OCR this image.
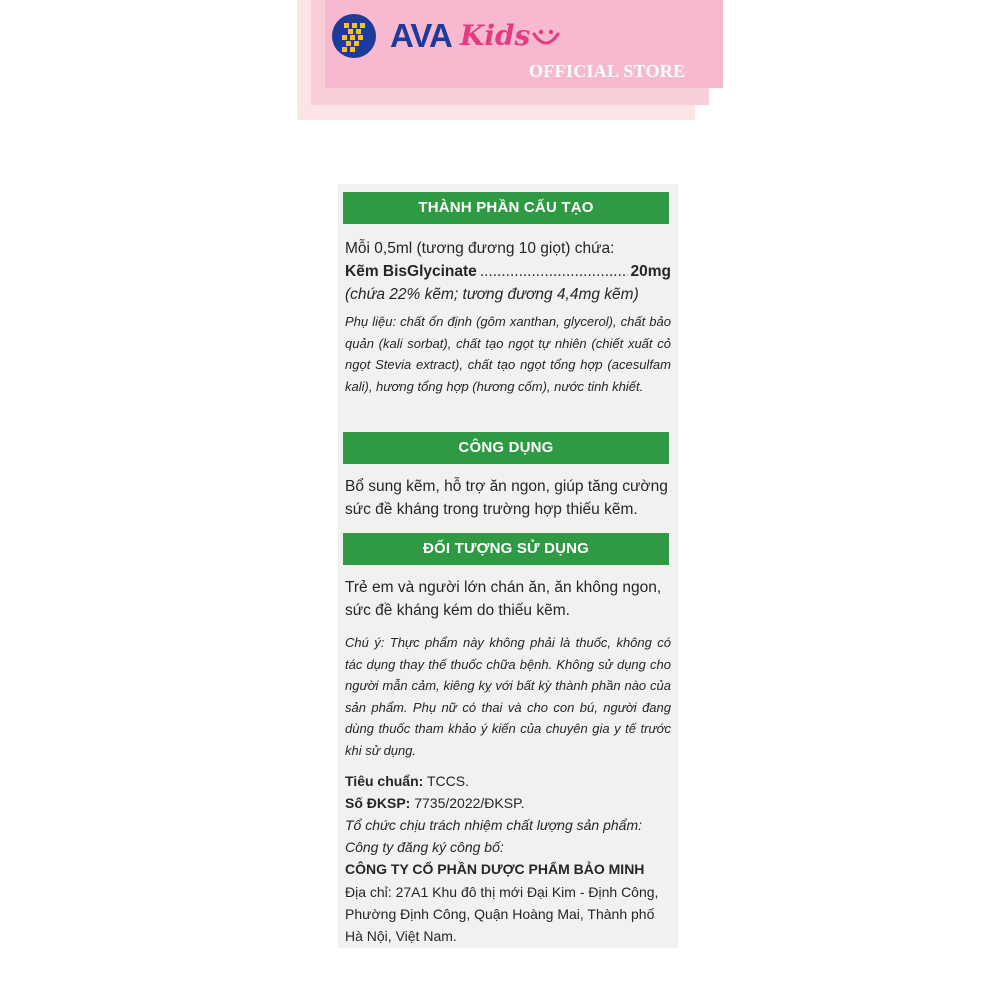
AVA Kids
OFFICIAL STORE
THÀNH PHẦN CẤU TẠO
Mỗi 0,5ml (tương đương 10 giọt) chứa:
Kẽm BisGlycinate
.....	20mg
(chứa 22% kẽm; tương đương 4,4mg kẽm)
Phụ liệu: chất ổn định (gôm xanthan, glycerol), chất bảo quản (kali sorbat), chất tạo ngọt tự nhiên (chiết xuất cỏ ngọt Stevia extract), chất tạo ngọt tổng hợp (acesulfam kali), hương tổng hợp (hương cốm), nước tinh khiết.
CÔNG DỤNG
Bổ sung kẽm, hỗ trợ ăn ngon, giúp tăng cường
sức đề kháng trong trường hợp thiếu kẽm.
ĐỐI TƯỢNG SỬ DỤNG
Trẻ em và người lớn chán ăn, ăn không ngon,
sức đề kháng kém do thiếu kẽm.
Chú ý: Thực phẩm này không phải là thuốc, không có tác dụng thay thế thuốc chữa bệnh. Không sử dụng cho người mẫn cảm, kiêng kỵ với bất kỳ thành phần nào của sản phẩm. Phụ nữ có thai và cho con bú, người đang dùng thuốc tham khảo ý kiến của chuyên gia y tế trước khi sử dụng.
Tiêu chuẩn: TCCS.
Số ĐKSP: 7735/2022/ĐKSP.
Tổ chức chịu trách nhiệm chất lượng sản phẩm:
Công ty đăng ký công bố:
CÔNG TY CỔ PHẦN DƯỢC PHẨM BẢO MINH
Địa chỉ: 27A1 Khu đô thị mới Đại Kim - Định Công,
Phường Định Công, Quận Hoàng Mai, Thành phố
Hà Nội, Việt Nam.
